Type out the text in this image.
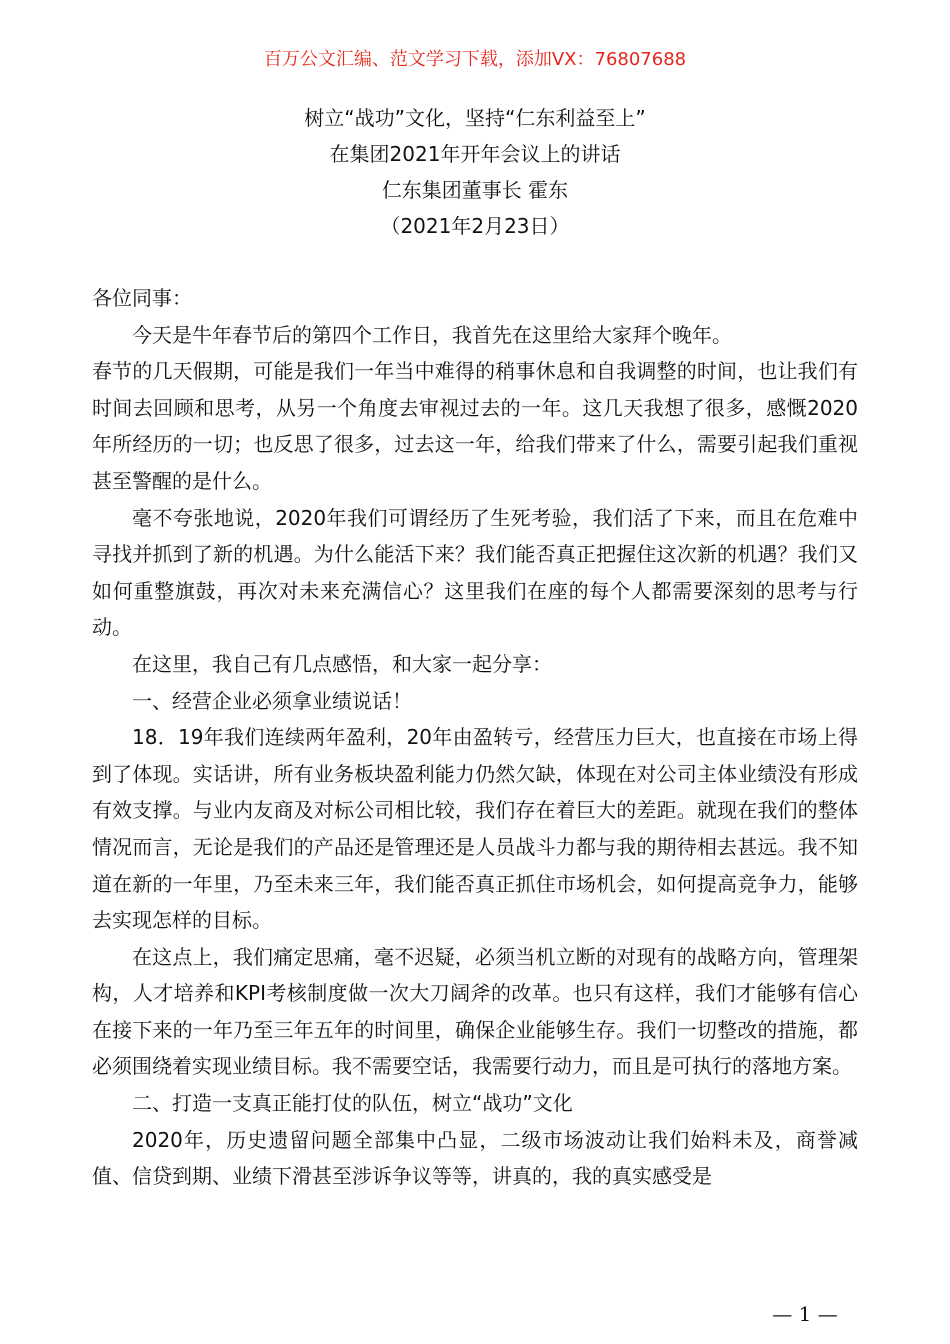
百万公文汇编、范文学习下载，添加VX：76807688
树立“战功”文化，坚持“仁东利益至上”
在集团2021年开年会议上的讲话
仁东集团董事长 霍东
（2021年2月23日）

各位同事：

今天是牛年春节后的第四个工作日，我首先在这里给大家拜个晚年。

春节的几天假期，可能是我们一年当中难得的稍事休息和自我调整的时间，也让我们有时间去回顾和思考，从另一个角度去审视过去的一年。这几天我想了很多，感慨2020年所经历的一切；也反思了很多，过去这一年，给我们带来了什么，需要引起我们重视甚至警醒的是什么。

毫不夸张地说，2020年我们可谓经历了生死考验，我们活了下来，而且在危难中寻找并抓到了新的机遇。为什么能活下来？我们能否真正把握住这次新的机遇？我们又如何重整旗鼓，再次对未来充满信心？这里我们在座的每个人都需要深刻的思考与行动。

在这里，我自己有几点感悟，和大家一起分享：

一、经营企业必须拿业绩说话！

18．19年我们连续两年盈利，20年由盈转亏，经营压力巨大，也直接在市场上得到了体现。实话讲，所有业务板块盈利能力仍然欠缺，体现在对公司主体业绩没有形成有效支撑。与业内友商及对标公司相比较，我们存在着巨大的差距。就现在我们的整体情况而言，无论是我们的产品还是管理还是人员战斗力都与我的期待相去甚远。我不知道在新的一年里，乃至未来三年，我们能否真正抓住市场机会，如何提高竞争力，能够去实现怎样的目标。

在这点上，我们痛定思痛，毫不迟疑，必须当机立断的对现有的战略方向，管理架构，人才培养和KPI考核制度做一次大刀阔斧的改革。也只有这样，我们才能够有信心在接下来的一年乃至三年五年的时间里，确保企业能够生存。我们一切整改的措施，都必须围绕着实现业绩目标。我不需要空话，我需要行动力，而且是可执行的落地方案。

二、打造一支真正能打仗的队伍，树立“战功”文化

2020年，历史遗留问题全部集中凸显，二级市场波动让我们始料未及，商誉减值、信贷到期、业绩下滑甚至涉诉争议等等，讲真的，我的真实感受是

— 1 —
